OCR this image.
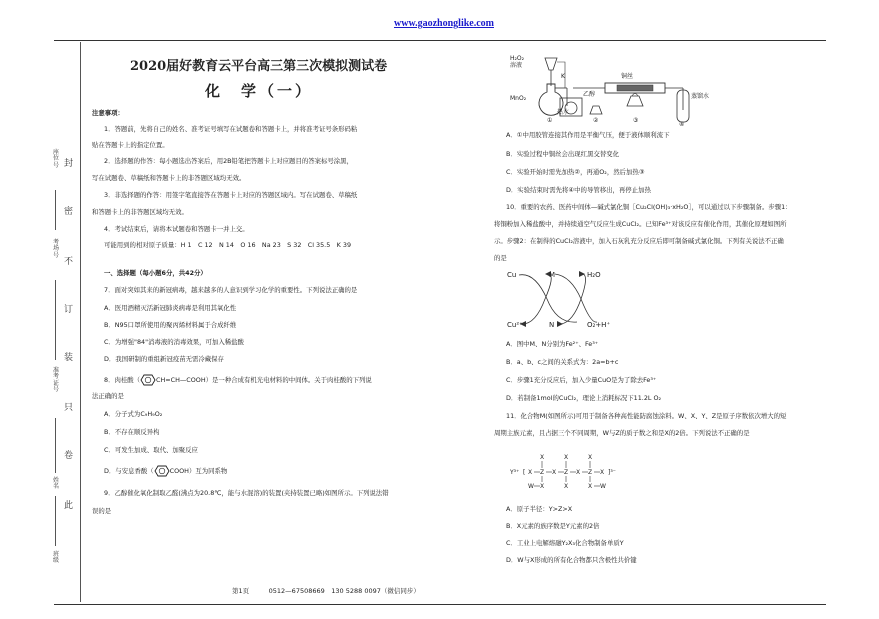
www.gaozhonglike.com
封
密
不
订
装
只
卷
此
座位号
考场号
准考证号
姓名
班级
2020届好教育云平台高三第三次模拟测试卷
化　学（一）
注意事项：
1．答题前，先将自己的姓名、准考证号填写在试题卷和答题卡上，并将准考证号条形码粘
贴在答题卡上的指定位置。
2．选择题的作答：每小题选出答案后，用2B铅笔把答题卡上对应题目的答案标号涂黑，
写在试题卷、草稿纸和答题卡上的非答题区域均无效。
3．非选择题的作答：用签字笔直接答在答题卡上对应的答题区域内。写在试题卷、草稿纸
和答题卡上的非答题区域均无效。
4．考试结束后，请将本试题卷和答题卡一并上交。
可能用到的相对原子质量：H 1　C 12　N 14　O 16　Na 23　S 32　Cl 35.5　K 39
一、选择题（每小题6分，共42分）
7．面对突如其来的新冠病毒，越来越多的人意识到学习化学的重要性。下列说法正确的是
A．医用酒精灭活新冠肺炎病毒是利用其氧化性
B．N95口罩所使用的聚丙烯材料属于合成纤维
C．为增强"84"消毒液的消毒效果，可加入稀盐酸
D．我国研制的重组新冠疫苗无需冷藏保存
8．肉桂酸（	CH=CH—COOH）是一种合成有机光电材料的中间体。关于肉桂酸的下列说
法正确的是
A．分子式为C₉H₉O₂
B．不存在顺反异构
C．可发生加成、取代、加聚反应
D．与安息香酸（	COOH）互为同系物
9．乙醇催化氧化制取乙醛(沸点为20.8℃，能与水混溶)的装置(夹持装置已略)如图所示。下列说法错
误的是
H₂O₂
溶液
K
MnO₂
铜丝
热水
乙醇	蒸馏水
①	②	③
④
A．①中用胶管连接其作用是平衡气压，便于液体顺利流下
B．实验过程中铜丝会出现红黑交替变化
C．实验开始时需先加热②，再通O₂，然后加热③
D．实验结束时需先将④中的导管移出，再停止加热
10．重要的农药、医药中间体—碱式氯化铜［Cu₂Cl(OH)₃·xH₂O］，可以通过以下步骤制备。步骤1：
将铜粉加入稀盐酸中，并持续通空气反应生成CuCl₂。已知Fe³⁺对该反应有催化作用，其催化原理如图所
示。步骤2：在制得的CuCl₂溶液中，加入石灰乳充分反应后即可制备碱式氯化铜。下列有关说法不正确
的是
Cu	M	H₂O
Cu²⁺	N	O₂+H⁺
A．图中M、N分别为Fe²⁺、Fe³⁺
B．a、b、c之间的关系式为：2a=b+c
C．步骤1充分反应后，加入少量CuO是为了除去Fe³⁺
D．若制备1mol的CuCl₂，理论上消耗标况下11.2L O₂
11．化合物M(如图所示)可用于制备各种高性能防腐蚀涂料。W、X、Y、Z是原子序数依次增大的短
周期主族元素，且占据三个不同周期，W与Z的质子数之和是X的2倍。下列说法不正确的是
Y³⁺ [ X Z
X
X
W
X Z
X
X
X Z
X
X
X
W
]³⁻
A．原子半径：Y>Z>X
B．X元素的族序数是Y元素的2倍
C．工业上电解熔融Y₂X₃化合物制备单质Y
D．W与X形成的所有化合物都只含极性共价键
第1页　　　0512—67508669　130 5288 0097（微信同步）
